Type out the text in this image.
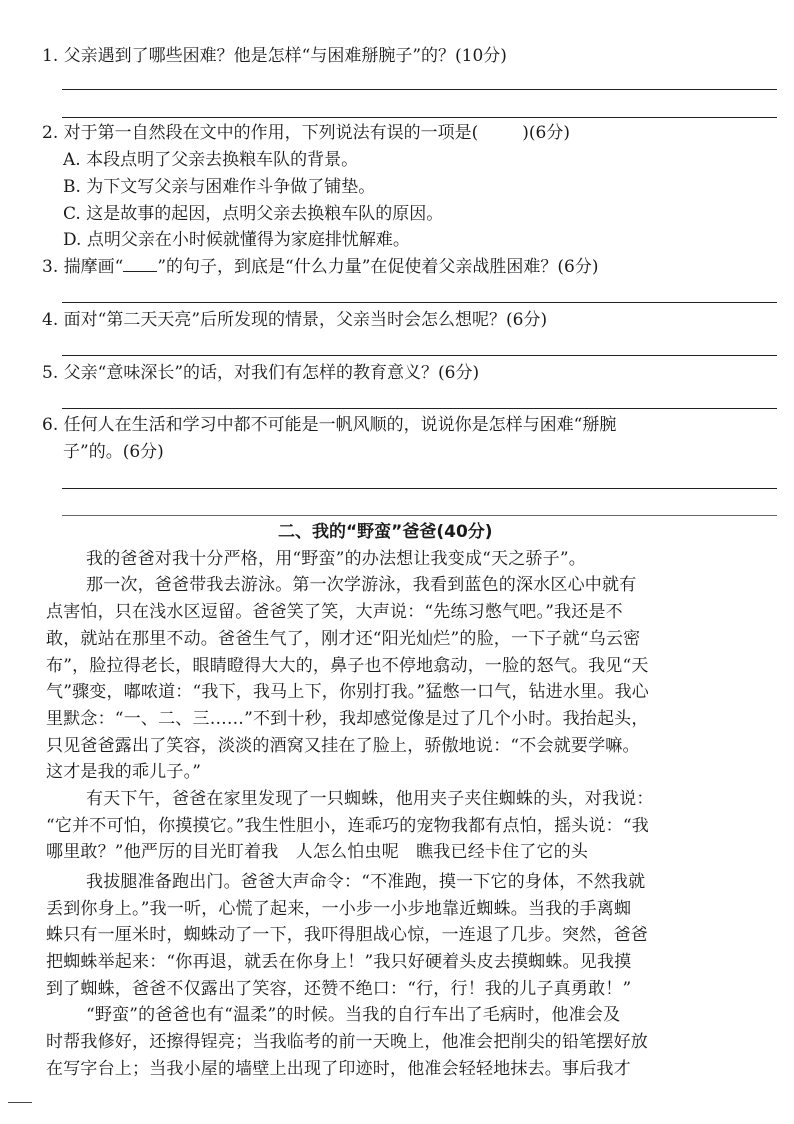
1. 父亲遇到了哪些困难？他是怎样“与困难掰腕子”的？(10分)
2. 对于第一自然段在文中的作用，下列说法有误的一项是(	)(6分)
A. 本段点明了父亲去换粮车队的背景。
B. 为下文写父亲与困难作斗争做了铺垫。
C. 这是故事的起因，点明父亲去换粮车队的原因。
D. 点明父亲在小时候就懂得为家庭排忧解难。
3. 揣摩画“ ”的句子，到底是“什么力量”在促使着父亲战胜困难？(6分)
4. 面对“第二天天亮”后所发现的情景，父亲当时会怎么想呢？(6分)
5. 父亲“意味深长”的话，对我们有怎样的教育意义？(6分)
6. 任何人在生活和学习中都不可能是一帆风顺的，说说你是怎样与困难“掰腕
子”的。(6分)
二、我的“野蛮”爸爸(40分)
我的爸爸对我十分严格，用“野蛮”的办法想让我变成“天之骄子”。
那一次，爸爸带我去游泳。第一次学游泳，我看到蓝色的深水区心中就有
点害怕，只在浅水区逗留。爸爸笑了笑，大声说：“先练习憋气吧。”我还是不
敢，就站在那里不动。爸爸生气了，刚才还“阳光灿烂”的脸，一下子就“乌云密
布”，脸拉得老长，眼睛瞪得大大的，鼻子也不停地翕动，一脸的怒气。我见“天
气”骤变，嘟哝道：“我下，我马上下，你别打我。”猛憋一口气，钻进水里。我心
里默念：“一、二、三……”不到十秒，我却感觉像是过了几个小时。我抬起头，
只见爸爸露出了笑容，淡淡的酒窝又挂在了脸上，骄傲地说：“不会就要学嘛。
这才是我的乖儿子。”
有天下午，爸爸在家里发现了一只蜘蛛，他用夹子夹住蜘蛛的头，对我说：
“它并不可怕，你摸摸它。”我生性胆小，连乖巧的宠物我都有点怕，摇头说：“我
哪里敢？”他严厉的目光盯着我　人怎么怕虫呢　瞧我已经卡住了它的头
我拔腿准备跑出门。爸爸大声命令：“不准跑，摸一下它的身体，不然我就
丢到你身上。”我一听，心慌了起来，一小步一小步地靠近蜘蛛。当我的手离蜘
蛛只有一厘米时，蜘蛛动了一下，我吓得胆战心惊，一连退了几步。突然，爸爸
把蜘蛛举起来：“你再退，就丢在你身上！”我只好硬着头皮去摸蜘蛛。见我摸
到了蜘蛛，爸爸不仅露出了笑容，还赞不绝口：“行，行！我的儿子真勇敢！”
“野蛮”的爸爸也有“温柔”的时候。当我的自行车出了毛病时，他准会及
时帮我修好，还擦得锃亮；当我临考的前一天晚上，他准会把削尖的铅笔摆好放
在写字台上；当我小屋的墙壁上出现了印迹时，他准会轻轻地抹去。事后我才
